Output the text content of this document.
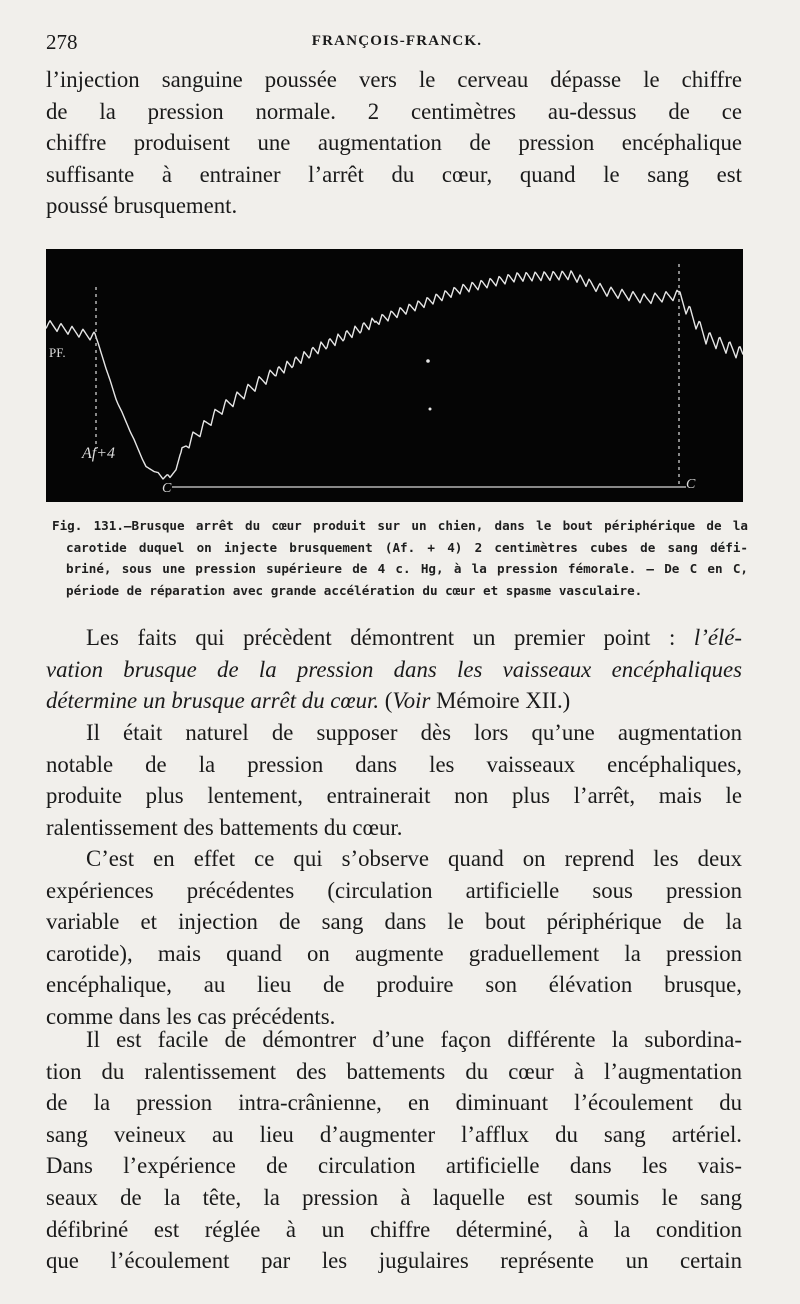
278	FRANÇOIS-FRANCK.

l’injection sanguine poussée vers le cerveau dépasse le chiffre
de la pression normale. 2 centimètres au-dessus de ce
chiffre produisent une augmentation de pression encéphalique
suffisante à entrainer l’arrêt du cœur, quand le sang est
poussé brusquement.

PF.
Af+4
C	C
Fig. 131.—Brusque arrêt du cœur produit sur un chien, dans le bout périphérique de la
carotide duquel on injecte brusquement (Af. + 4) 2 centimètres cubes de sang défi-
briné, sous une pression supérieure de 4 c. Hg, à la pression fémorale. — De C en C,
période de réparation avec grande accélération du cœur et spasme vasculaire.

Les faits qui précèdent démontrent un premier point : l’élé-
vation brusque de la pression dans les vaisseaux encéphaliques
détermine un brusque arrêt du cœur. (Voir Mémoire XII.)

Il était naturel de supposer dès lors qu’une augmentation
notable de la pression dans les vaisseaux encéphaliques,
produite plus lentement, entrainerait non plus l’arrêt, mais le
ralentissement des battements du cœur.

C’est en effet ce qui s’observe quand on reprend les deux
expériences précédentes (circulation artificielle sous pression
variable et injection de sang dans le bout périphérique de la
carotide), mais quand on augmente graduellement la pression
encéphalique, au lieu de produire son élévation brusque,
comme dans les cas précédents.

Il est facile de démontrer d’une façon différente la subordina-
tion du ralentissement des battements du cœur à l’augmentation
de la pression intra-crânienne, en diminuant l’écoulement du
sang veineux au lieu d’augmenter l’afflux du sang artériel.
Dans l’expérience de circulation artificielle dans les vais-
seaux de la tête, la pression à laquelle est soumis le sang
défibriné est réglée à un chiffre déterminé, à la condition
que l’écoulement par les jugulaires représente un certain
